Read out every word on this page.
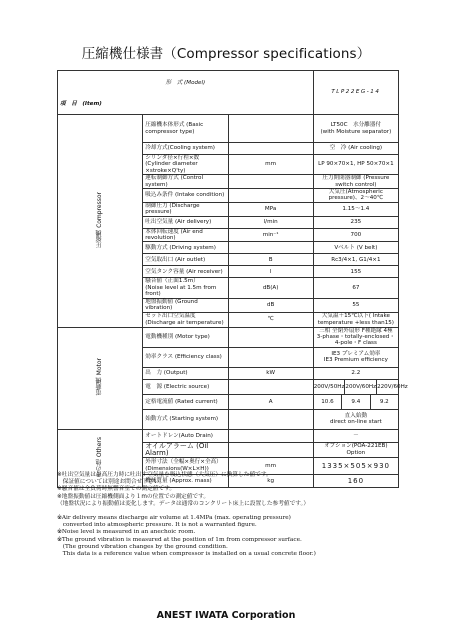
圧縮機仕様書（Compressor specifications）
形　式 (Model)			TLP22EG-14
項　目　(Item)			
圧縮機 Compressor	圧縮機本体形式 (Basic compressor type)		LT50C　水分離器付
(with Moisture separator)
	冷却方式(Cooling system)		空　冷 (Air cooling)
	シリンダ径×行程×数
(Cylinder diameter ×stroke×Q'ty)	mm	LP 90×70×1, HP 50×70×1
	運転制御方式 (Control system)		圧力開閉器制御 (Pressure switch control)
	吸込み条件 (Intake condition)		大気圧(Atmospheric pressure)、2～40℃
	制御圧力 (Discharge pressure)	MPa	1.15～1.4
	吐出空気量 (Air delivery)	l/min	235
	本体回転速度 (Air end revolution)	min⁻¹	700
	駆動方式 (Driving system)		Vベルト (V belt)
	空気取出口 (Air outlet)	B	Rc3/4×1, G1/4×1
	空気タンク容量 (Air receiver)	l	155
	騒音値（正面1.5m）
(Noise level at 1.5m from front)	dB(A)	67
	地盤振動値 (Ground vibration)	dB	55
	セット出口空気温度
(Discharge air temperature)	℃	大気温＋15℃以下( Intake temperature +less than15)
電動機 Motor	電動機種別 (Motor type)		三相 全閉外扇形 F種絶縁 4極
3-phase・totally-enclosed・4-pole・F class
	効率クラス (Efficiency class)		IE3 プレミアム効率
IE3 Premium efficiency
	出　力 (Output)	kW	2.2
	電　源 (Electric source)		200V/50Hz 200V/60Hz 220V/60Hz

	定格電流値 (Rated current)	A	10.6 9.4 9.2

	始動方式 (Starting system)		直入始動
direct on-line start
その他 Others	オートドレン(Auto Drain)		－
	オイルアラーム (Oil Alarm)		オプション(POA-221EB) Option
	外形寸法（全幅×奥行×全高）
(Dimensions(W×L×H))	mm	1335×505×930
	機械質量 (Approx. mass)	kg	160
※吐出空気量は最高圧力時に吐出す空気量を吸込状態（大気圧）に換算した値です。
　保証値については別途お問合せ下さい。
※騒音値は全負荷時無響音室での測定値です。
※地盤振動値は圧縮機側面より１mの位置での測定値です。
（地盤状況により振動値は変化します。データは通常のコンクリート床上に設置した参考値です。）
※Air delivery means discharge air volume at 1.4MPa (max. operating pressure)
　converted into atmospheric pressure. It is not a warranted figure.
※Noise level is measured in an anechoic room.
※The ground vibration is measured at the position of 1m from compressor surface.
　(The ground vibration changes by the ground condition.
　This data is a reference value when compressor is installed on a usual concrete floor.)
ANEST IWATA Corporation
